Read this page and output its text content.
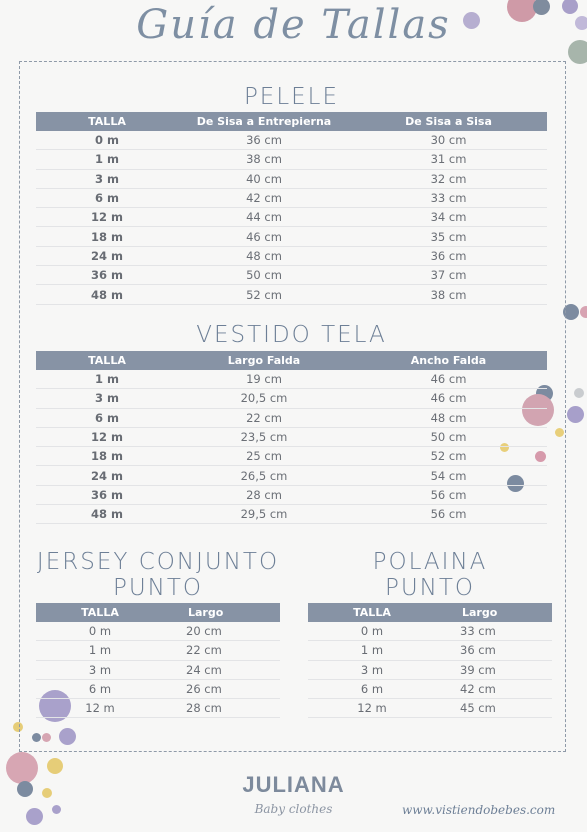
Guía de Tallas
PELELE
TALLA	De Sisa a Entrepierna	De Sisa a Sisa
0 m	36 cm	30 cm
1 m	38 cm	31 cm
3 m	40 cm	32 cm
6 m	42 cm	33 cm
12 m	44 cm	34 cm
18 m	46 cm	35 cm
24 m	48 cm	36 cm
36 m	50 cm	37 cm
48 m	52 cm	38 cm
VESTIDO TELA
TALLA	Largo Falda	Ancho Falda
1 m	19 cm	46 cm
3 m	20,5 cm	46 cm
6 m	22 cm	48 cm
12 m	23,5 cm	50 cm
18 m	25 cm	52 cm
24 m	26,5 cm	54 cm
36 m	28 cm	56 cm
48 m	29,5 cm	56 cm
JERSEY CONJUNTO
PUNTO
TALLA	Largo
0 m	20 cm
1 m	22 cm
3 m	24 cm
6 m	26 cm
12 m	28 cm
POLAINA
PUNTO
TALLA	Largo
0 m	33 cm
1 m	36 cm
3 m	39 cm
6 m	42 cm
12 m	45 cm
JULIANA
Baby clothes	www.vistiendobebes.com
